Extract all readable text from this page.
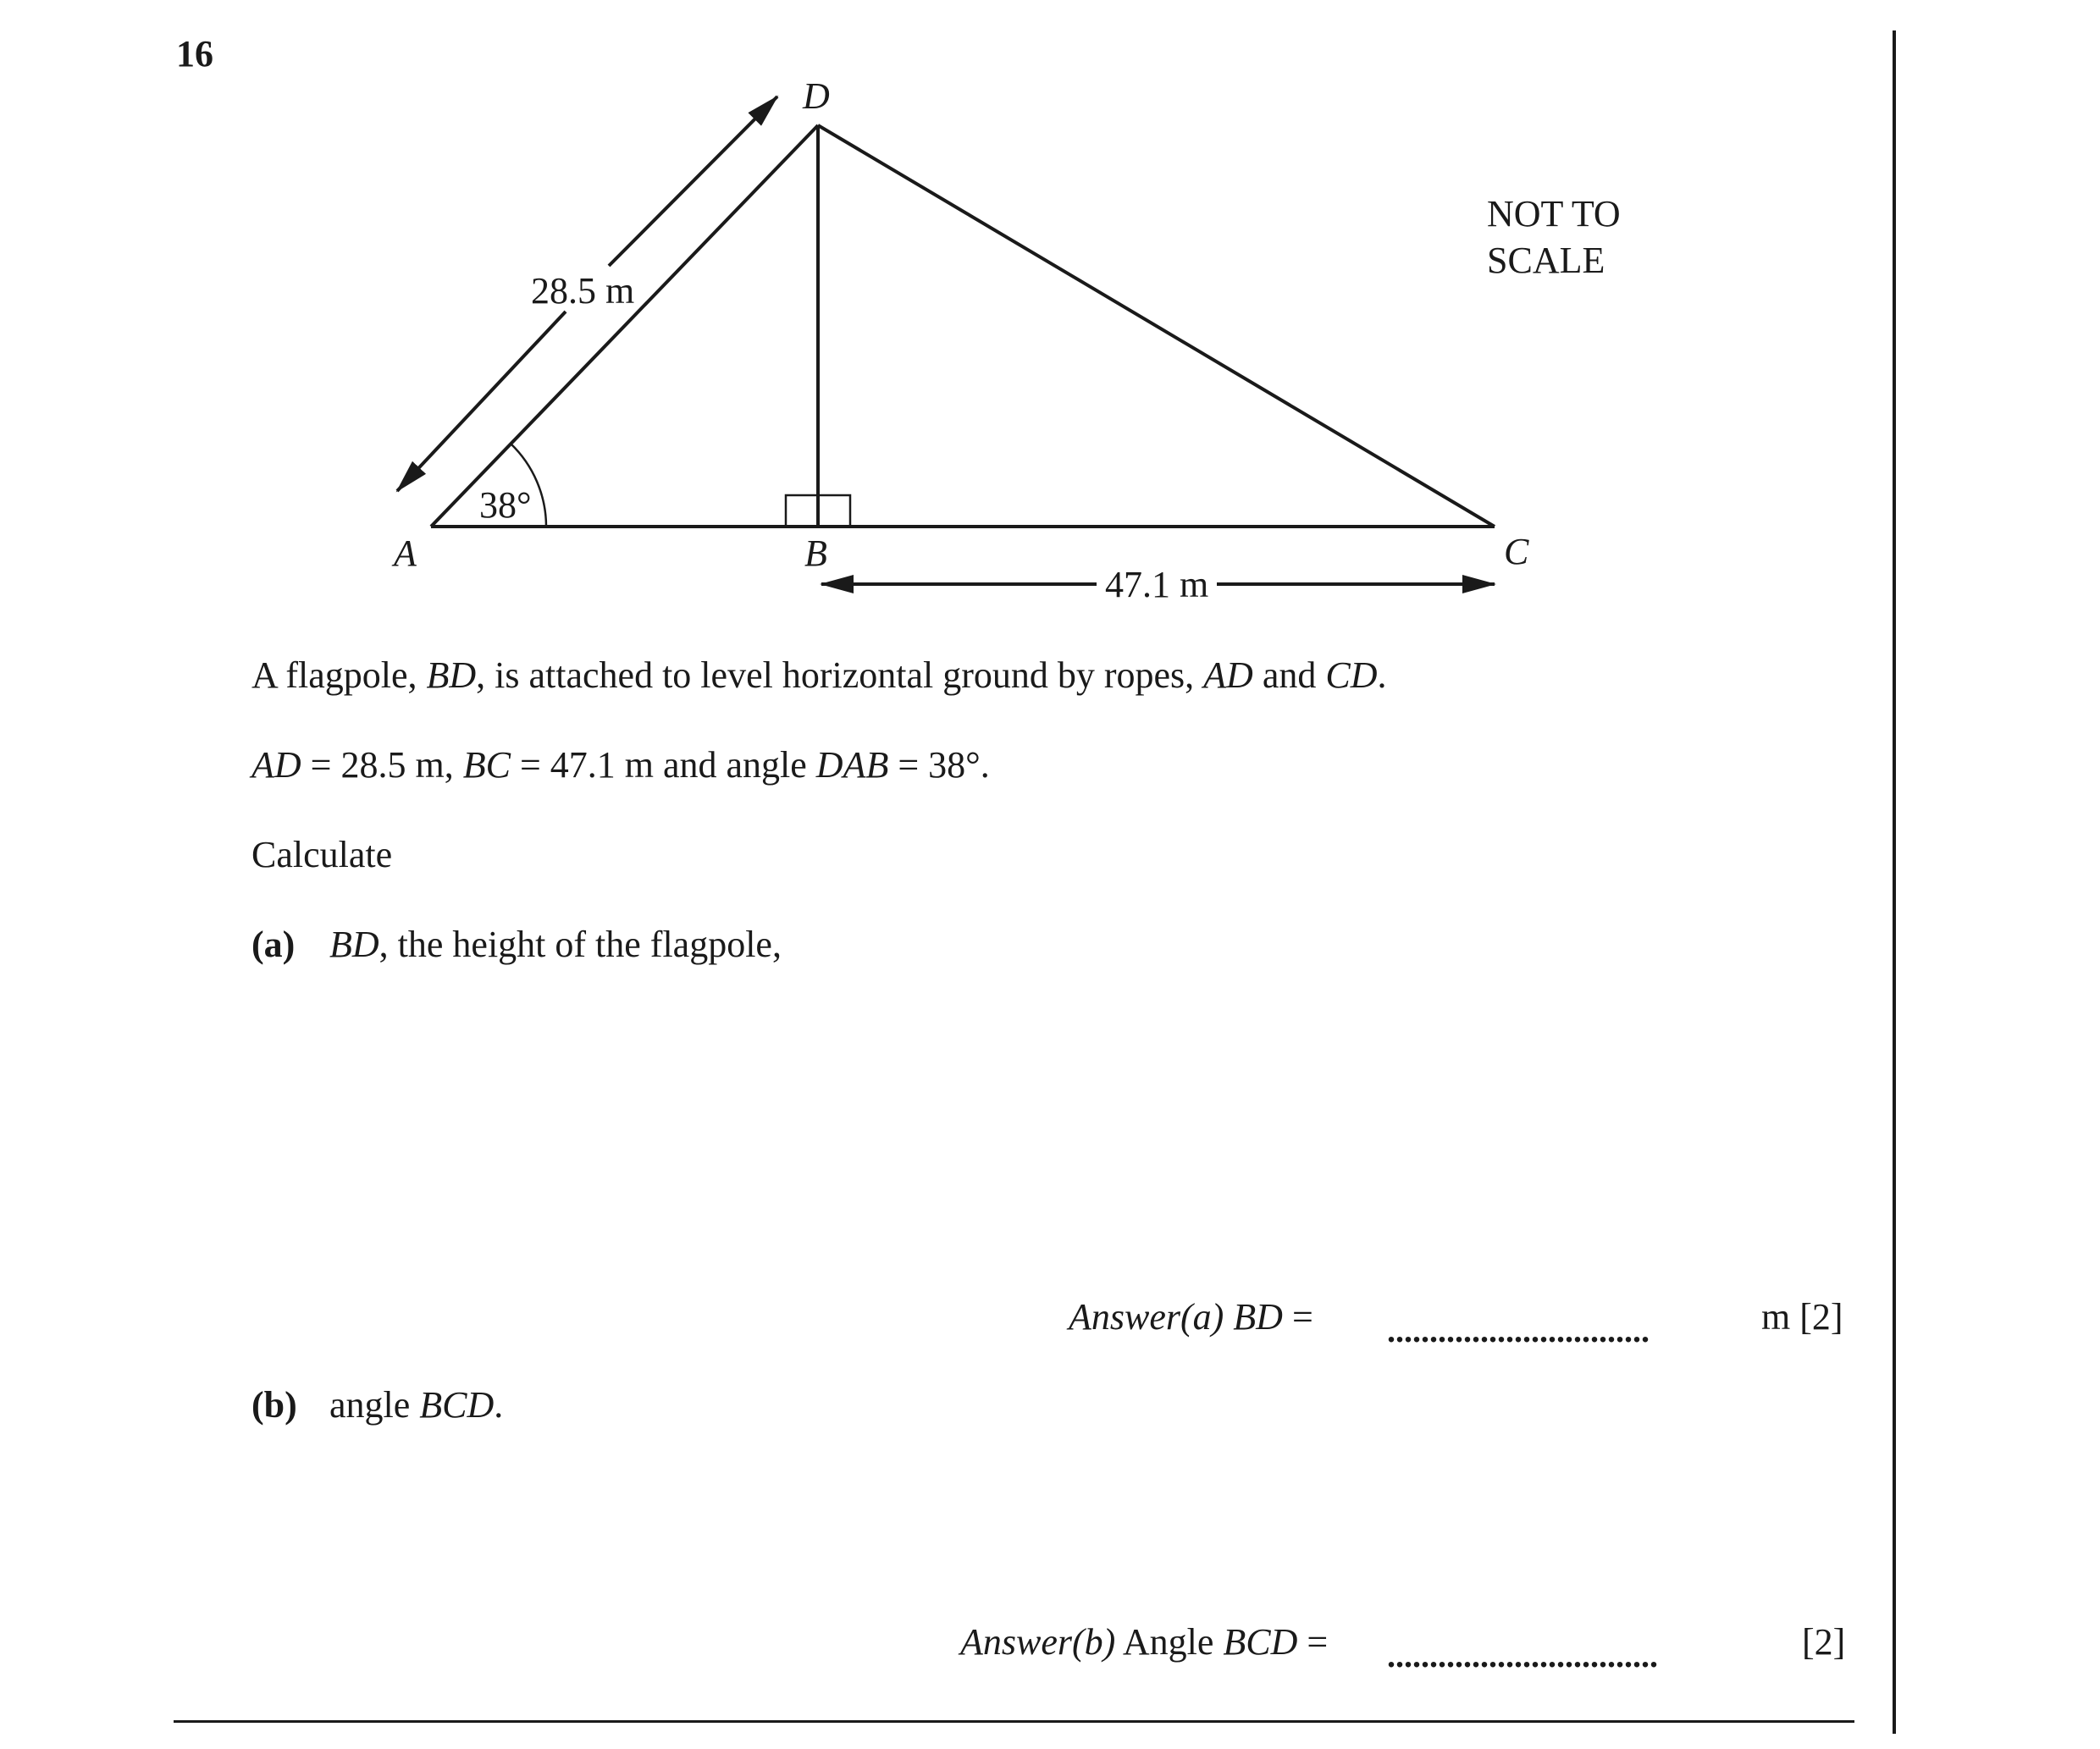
16
A	B	C
D
28.5 m
47.1 m
38°
NOT TO
SCALE
A flagpole, BD, is attached to level horizontal ground by ropes, AD and CD.
AD = 28.5 m, BC = 47.1 m and angle DAB = 38°.
Calculate
(a) BD, the height of the flagpole,
Answer(a) BD = ...............................	m [2]
(b) angle BCD.
Answer(b) Angle BCD = ................................	[2]
